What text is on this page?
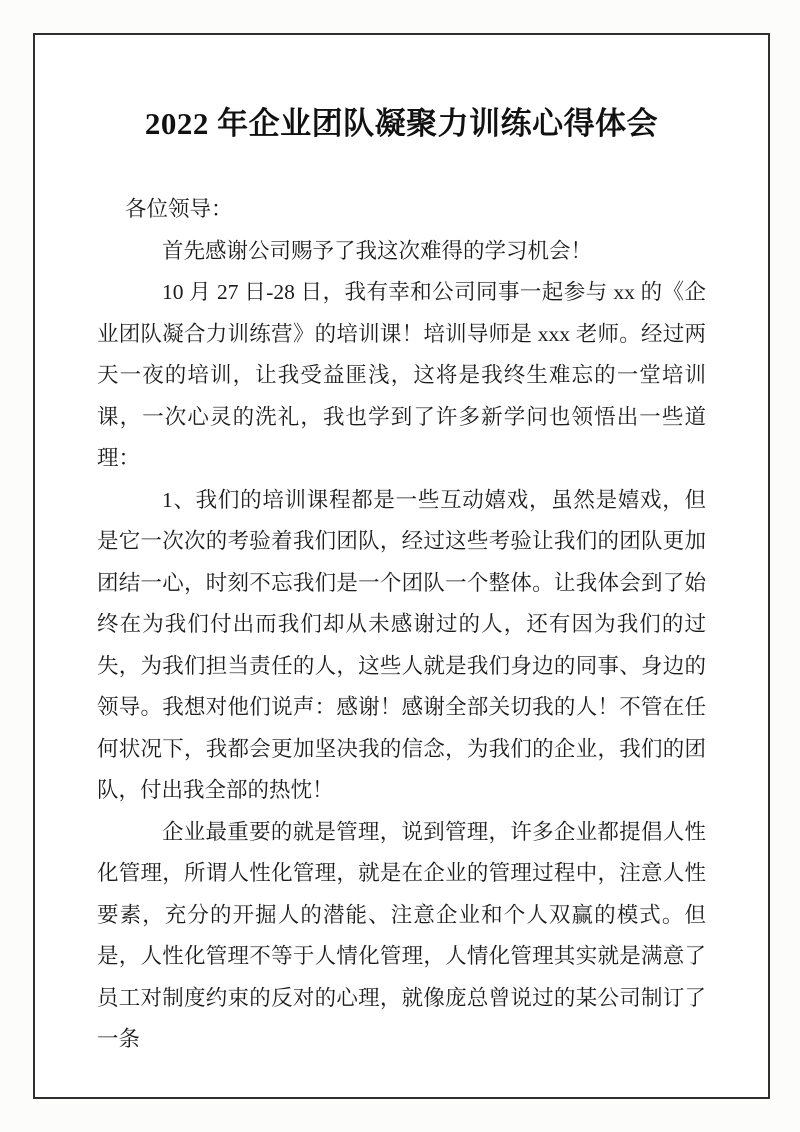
2022 年企业团队凝聚力训练心得体会

各位领导：

首先感谢公司赐予了我这次难得的学习机会！

10 月 27 日-28 日，我有幸和公司同事一起参与 xx 的《企业团队凝合力训练营》的培训课！培训导师是 xxx 老师。经过两天一夜的培训，让我受益匪浅，这将是我终生难忘的一堂培训课，一次心灵的洗礼，我也学到了许多新学问也领悟出一些道理：

1、我们的培训课程都是一些互动嬉戏，虽然是嬉戏，但是它一次次的考验着我们团队，经过这些考验让我们的团队更加团结一心，时刻不忘我们是一个团队一个整体。让我体会到了始终在为我们付出而我们却从未感谢过的人，还有因为我们的过失，为我们担当责任的人，这些人就是我们身边的同事、身边的领导。我想对他们说声：感谢！感谢全部关切我的人！不管在任何状况下，我都会更加坚决我的信念，为我们的企业，我们的团队，付出我全部的热忱！

企业最重要的就是管理，说到管理，许多企业都提倡人性化管理，所谓人性化管理，就是在企业的管理过程中，注意人性要素，充分的开掘人的潜能、注意企业和个人双赢的模式。但是，人性化管理不等于人情化管理，人情化管理其实就是满意了员工对制度约束的反对的心理，就像庞总曾说过的某公司制订了一条
